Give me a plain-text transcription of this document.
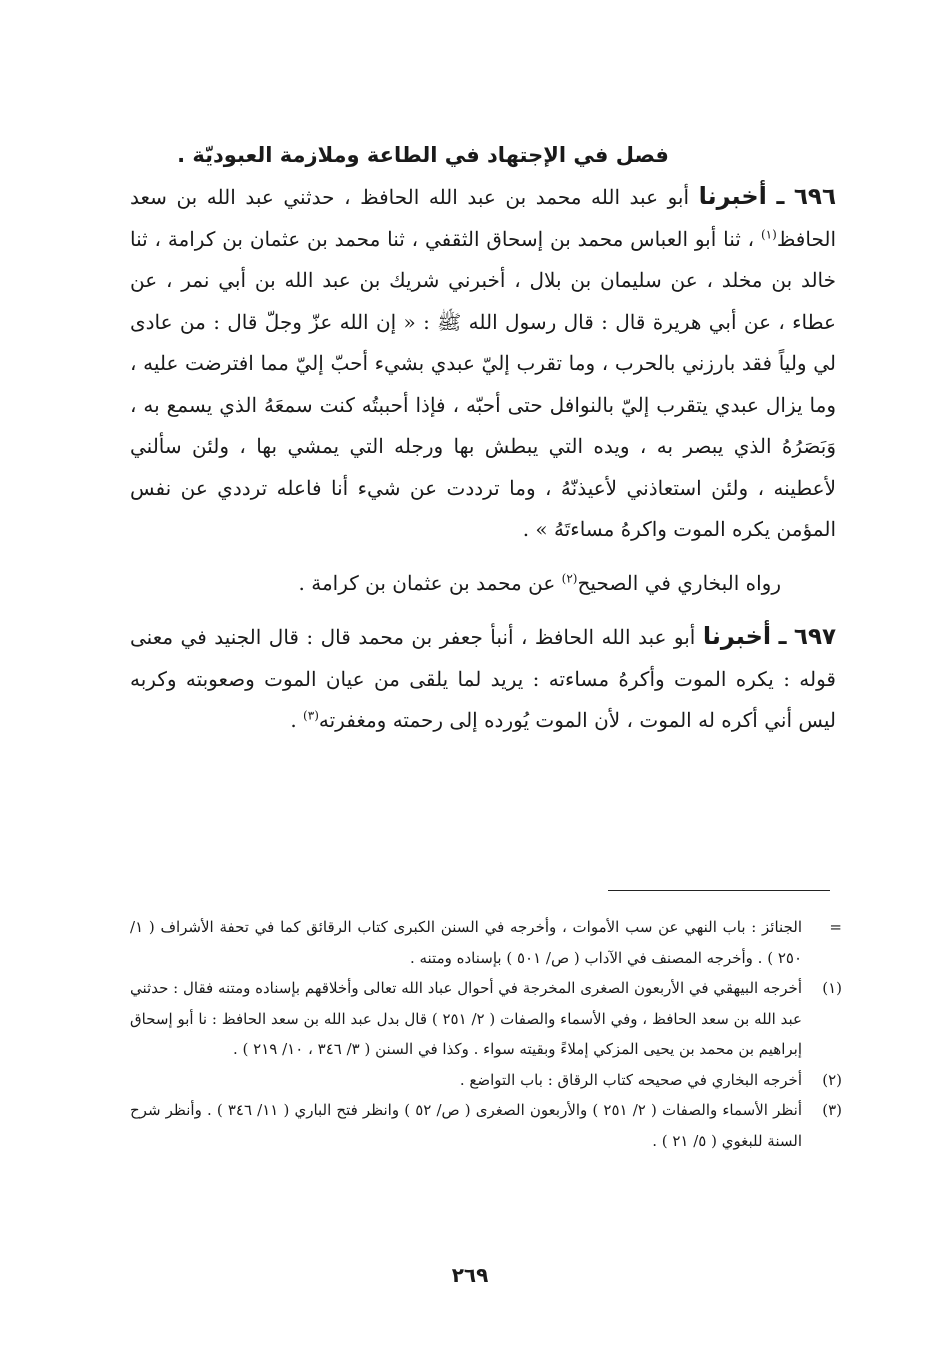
فصل في الإجتهاد في الطاعة وملازمة العبوديّة .

٦٩٦ ـ أخبرنا أبو عبد الله محمد بن عبد الله الحافظ ، حدثني عبد الله بن سعد الحافظ$^{(١)}$ ، ثنا أبو العباس محمد بن إسحاق الثقفي ، ثنا محمد بن عثمان بن كرامة ، ثنا خالد بن مخلد ، عن سليمان بن بلال ، أخبرني شريك بن عبد الله بن أبي نمر ، عن عطاء ، عن أبي هريرة قال : قال رسول الله ﷺ : « إن الله عزّ وجلّ قال : من عادى لي ولياً فقد بارزني بالحرب ، وما تقرب إليّ عبدي بشيء أحبّ إليّ مما افترضت عليه ، وما يزال عبدي يتقرب إليّ بالنوافل حتى أحبّه ، فإذا أحببتُه كنت سمعَهُ الذي يسمع به ، وَبَصَرُهُ الذي يبصر به ، ويده التي يبطش بها ورجله التي يمشي بها ، ولئن سألني لأعطينه ، ولئن استعاذني لأعيذنّهُ ، وما ترددت عن شيء أنا فاعله ترددي عن نفس المؤمن يكره الموت واكرهُ مساءتَهُ » .

رواه البخاري في الصحيح$^{(٢)}$ عن محمد بن عثمان بن كرامة .

٦٩٧ ـ أخبرنا أبو عبد الله الحافظ ، أنبأ جعفر بن محمد قال : قال الجنيد في معنى قوله : يكره الموت وأكرهُ مساءته : يريد لما يلقى من عيان الموت وصعوبته وكربه ليس أني أكره له الموت ، لأن الموت يُورده إلى رحمته ومغفرته$^{(٣)}$ .

=
الجنائز : باب النهي عن سب الأموات ، وأخرجه في السنن الكبرى كتاب الرقائق كما في تحفة الأشراف ( ١/ ٢٥٠ ) . وأخرجه المصنف في الآداب ( ص/ ٥٠١ ) بإسناده ومتنه .

(١)
أخرجه البيهقي في الأربعون الصغرى المخرجة في أحوال عباد الله تعالى وأخلاقهم بإسناده ومتنه فقال : حدثني عبد الله بن سعد الحافظ ، وفي الأسماء والصفات ( ٢/ ٢٥١ ) قال بدل عبد الله بن سعد الحافظ : نا أبو إسحاق إبراهيم بن محمد بن يحيى المزكي إملاءً وبقيته سواء . وكذا في السنن ( ٣/ ٣٤٦ ، ١٠/ ٢١٩ ) .

(٢)
أخرجه البخاري في صحيحه كتاب الرقاق : باب التواضع .

(٣)
أنظر الأسماء والصفات ( ٢/ ٢٥١ ) والأربعون الصغرى ( ص/ ٥٢ ) وانظر فتح الباري ( ١١/ ٣٤٦ ) . وأنظر شرح السنة للبغوي ( ٥/ ٢١ ) .

٢٦٩
